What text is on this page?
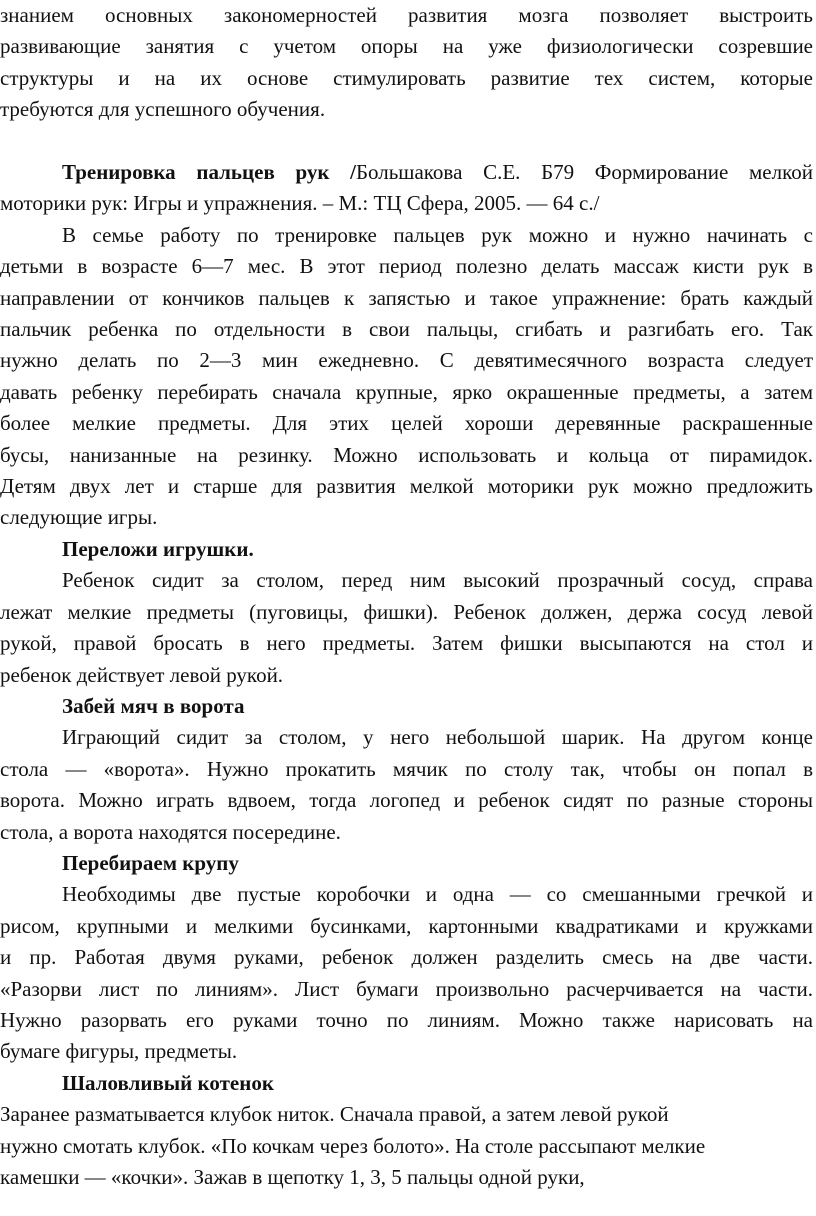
знанием основных закономерностей развития мозга позволяет выстроить

развивающие занятия с учетом опоры на уже физиологически созревшие

структуры и на их основе стимулировать развитие тех систем, которые

требуются для успешного обучения.

Тренировка пальцев рук /Большакова С.Е. Б79 Формирование мелкой

моторики рук: Игры и упражнения. – М.: ТЦ Сфера, 2005. — 64 с./

В семье работу по тренировке пальцев рук можно и нужно начинать с

детьми в возрасте 6—7 мес. В этот период полезно делать массаж кисти рук в

направлении от кончиков пальцев к запястью и такое упражнение: брать каждый

пальчик ребенка по отдельности в свои пальцы, сгибать и разгибать его. Так

нужно делать по 2—3 мин ежедневно. С девятимесячного возраста следует

давать ребенку перебирать сначала крупные, ярко окрашенные предметы, а затем

более мелкие предметы. Для этих целей хороши деревянные раскрашенные

бусы, нанизанные на резинку. Можно использовать и кольца от пирамидок.

Детям двух лет и старше для развития мелкой моторики рук можно предложить

следующие игры.

Переложи игрушки.

Ребенок сидит за столом, перед ним высокий прозрачный сосуд, справа

лежат мелкие предметы (пуговицы, фишки). Ребенок должен, держа сосуд левой

рукой, правой бросать в него предметы. Затем фишки высыпаются на стол и

ребенок действует левой рукой.

Забей мяч в ворота

Играющий сидит за столом, у него небольшой шарик. На другом конце

стола — «ворота». Нужно прокатить мячик по столу так, чтобы он попал в

ворота. Можно играть вдвоем, тогда логопед и ребенок сидят по разные стороны

стола, а ворота находятся посередине.

Перебираем крупу

Необходимы две пустые коробочки и одна — со смешанными гречкой и

рисом, крупными и мелкими бусинками, картонными квадратиками и кружками

и пр. Работая двумя руками, ребенок должен разделить смесь на две части.

«Разорви лист по линиям». Лист бумаги произвольно расчерчивается на части.

Нужно разорвать его руками точно по линиям. Можно также нарисовать на

бумаге фигуры, предметы.

Шаловливый котенок

Заранее разматывается клубок ниток. Сначала правой, а затем левой рукой

нужно смотать клубок. «По кочкам через болото». На столе рассыпают мелкие

камешки — «кочки». Зажав в щепотку 1, 3, 5 пальцы одной руки,
